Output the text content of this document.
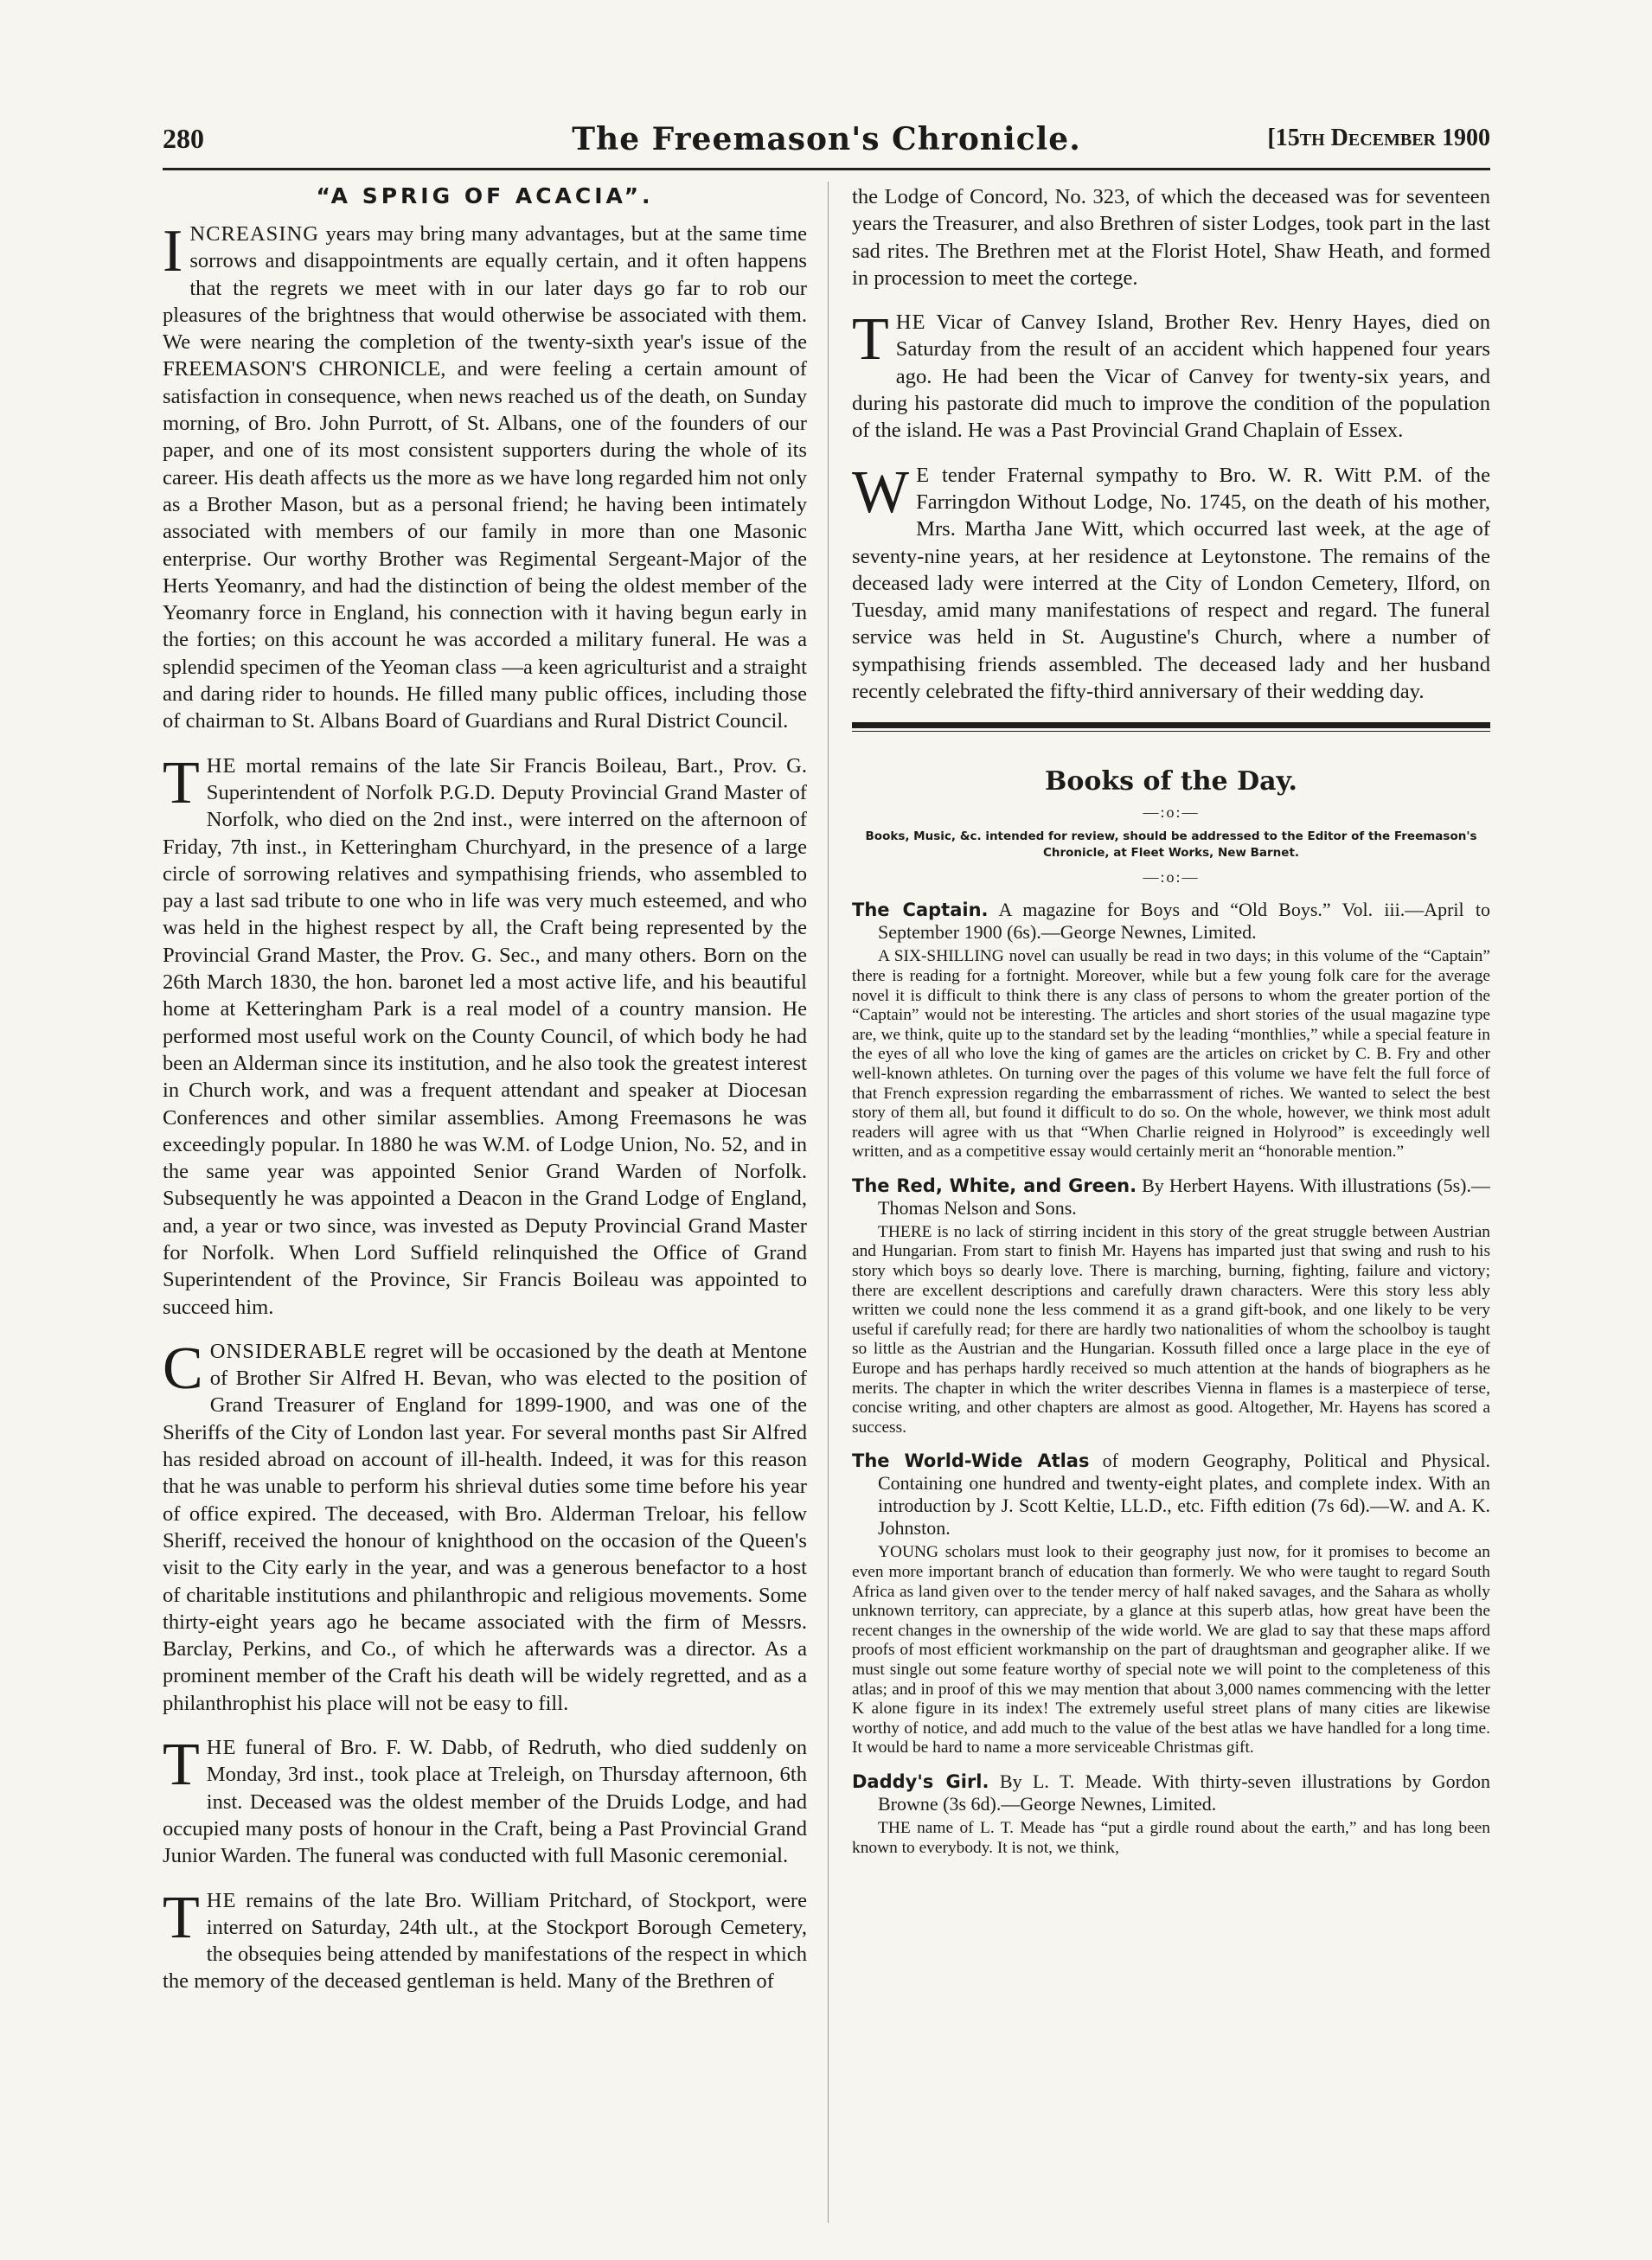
280	The Freemason's Chronicle.	[15th December 1900
“A SPRIG OF ACACIA”.

INCREASING years may bring many advantages, but at the same time sorrows and disappointments are equally certain, and it often happens that the regrets we meet with in our later days go far to rob our pleasures of the brightness that would otherwise be associated with them. We were nearing the completion of the twenty-sixth year's issue of the FREEMASON'S CHRONICLE, and were feeling a certain amount of satisfaction in consequence, when news reached us of the death, on Sunday morning, of Bro. John Purrott, of St. Albans, one of the founders of our paper, and one of its most consistent supporters during the whole of its career. His death affects us the more as we have long regarded him not only as a Brother Mason, but as a personal friend; he having been intimately associated with members of our family in more than one Masonic enterprise. Our worthy Brother was Regimental Sergeant-Major of the Herts Yeomanry, and had the distinction of being the oldest member of the Yeomanry force in England, his connection with it having begun early in the forties; on this account he was accorded a military funeral. He was a splendid specimen of the Yeoman class —a keen agriculturist and a straight and daring rider to hounds. He filled many public offices, including those of chairman to St. Albans Board of Guardians and Rural District Council.

THE mortal remains of the late Sir Francis Boileau, Bart., Prov. G. Superintendent of Norfolk P.G.D. Deputy Provincial Grand Master of Norfolk, who died on the 2nd inst., were interred on the afternoon of Friday, 7th inst., in Ketteringham Churchyard, in the presence of a large circle of sorrowing relatives and sympathising friends, who assembled to pay a last sad tribute to one who in life was very much esteemed, and who was held in the highest respect by all, the Craft being represented by the Provincial Grand Master, the Prov. G. Sec., and many others. Born on the 26th March 1830, the hon. baronet led a most active life, and his beautiful home at Ketteringham Park is a real model of a country mansion. He performed most useful work on the County Council, of which body he had been an Alderman since its institution, and he also took the greatest interest in Church work, and was a frequent attendant and speaker at Diocesan Conferences and other similar assemblies. Among Freemasons he was exceedingly popular. In 1880 he was W.M. of Lodge Union, No. 52, and in the same year was appointed Senior Grand Warden of Norfolk. Subsequently he was appointed a Deacon in the Grand Lodge of England, and, a year or two since, was invested as Deputy Provincial Grand Master for Norfolk. When Lord Suffield relinquished the Office of Grand Superintendent of the Province, Sir Francis Boileau was appointed to succeed him.

CONSIDERABLE regret will be occasioned by the death at Mentone of Brother Sir Alfred H. Bevan, who was elected to the position of Grand Treasurer of England for 1899-1900, and was one of the Sheriffs of the City of London last year. For several months past Sir Alfred has resided abroad on account of ill-health. Indeed, it was for this reason that he was unable to perform his shrieval duties some time before his year of office expired. The deceased, with Bro. Alderman Treloar, his fellow Sheriff, received the honour of knighthood on the occasion of the Queen's visit to the City early in the year, and was a generous benefactor to a host of charitable institutions and philanthropic and religious movements. Some thirty-eight years ago he became associated with the firm of Messrs. Barclay, Perkins, and Co., of which he afterwards was a director. As a prominent member of the Craft his death will be widely regretted, and as a philanthrophist his place will not be easy to fill.

THE funeral of Bro. F. W. Dabb, of Redruth, who died suddenly on Monday, 3rd inst., took place at Treleigh, on Thursday afternoon, 6th inst. Deceased was the oldest member of the Druids Lodge, and had occupied many posts of honour in the Craft, being a Past Provincial Grand Junior Warden. The funeral was conducted with full Masonic ceremonial.

THE remains of the late Bro. William Pritchard, of Stockport, were interred on Saturday, 24th ult., at the Stockport Borough Cemetery, the obsequies being attended by manifestations of the respect in which the memory of the deceased gentleman is held. Many of the Brethren of

the Lodge of Concord, No. 323, of which the deceased was for seventeen years the Treasurer, and also Brethren of sister Lodges, took part in the last sad rites. The Brethren met at the Florist Hotel, Shaw Heath, and formed in procession to meet the cortege.

THE Vicar of Canvey Island, Brother Rev. Henry Hayes, died on Saturday from the result of an accident which happened four years ago. He had been the Vicar of Canvey for twenty-six years, and during his pastorate did much to improve the condition of the population of the island. He was a Past Provincial Grand Chaplain of Essex.

W E tender Fraternal sympathy to Bro. W. R. Witt P.M. of the Farringdon Without Lodge, No. 1745, on the death of his mother, Mrs. Martha Jane Witt, which occurred last week, at the age of seventy-nine years, at her residence at Leytonstone. The remains of the deceased lady were interred at the City of London Cemetery, Ilford, on Tuesday, amid many manifestations of respect and regard. The funeral service was held in St. Augustine's Church, where a number of sympathising friends assembled. The deceased lady and her husband recently celebrated the fifty-third anniversary of their wedding day.

Books of the Day.
—:o:—
Books, Music, &c. intended for review, should be addressed to the Editor of the Freemason's Chronicle, at Fleet Works, New Barnet.
—:o:—
The Captain. A magazine for Boys and “Old Boys.” Vol. iii.—April to September 1900 (6s).—George Newnes, Limited.

A SIX-SHILLING novel can usually be read in two days; in this volume of the “Captain” there is reading for a fortnight. Moreover, while but a few young folk care for the average novel it is difficult to think there is any class of persons to whom the greater portion of the “Captain” would not be interesting. The articles and short stories of the usual magazine type are, we think, quite up to the standard set by the leading “monthlies,” while a special feature in the eyes of all who love the king of games are the articles on cricket by C. B. Fry and other well-known athletes. On turning over the pages of this volume we have felt the full force of that French expression regarding the embarrassment of riches. We wanted to select the best story of them all, but found it difficult to do so. On the whole, however, we think most adult readers will agree with us that “When Charlie reigned in Holyrood” is exceedingly well written, and as a competitive essay would certainly merit an “honorable mention.”

The Red, White, and Green. By Herbert Hayens. With illustrations (5s).—Thomas Nelson and Sons.

THERE is no lack of stirring incident in this story of the great struggle between Austrian and Hungarian. From start to finish Mr. Hayens has imparted just that swing and rush to his story which boys so dearly love. There is marching, burning, fighting, failure and victory; there are excellent descriptions and carefully drawn characters. Were this story less ably written we could none the less commend it as a grand gift-book, and one likely to be very useful if carefully read; for there are hardly two nationalities of whom the schoolboy is taught so little as the Austrian and the Hungarian. Kossuth filled once a large place in the eye of Europe and has perhaps hardly received so much attention at the hands of biographers as he merits. The chapter in which the writer describes Vienna in flames is a masterpiece of terse, concise writing, and other chapters are almost as good. Altogether, Mr. Hayens has scored a success.

The World-Wide Atlas of modern Geography, Political and Physical. Containing one hundred and twenty-eight plates, and complete index. With an introduction by J. Scott Keltie, LL.D., etc. Fifth edition (7s 6d).—W. and A. K. Johnston.

YOUNG scholars must look to their geography just now, for it promises to become an even more important branch of education than formerly. We who were taught to regard South Africa as land given over to the tender mercy of half naked savages, and the Sahara as wholly unknown territory, can appreciate, by a glance at this superb atlas, how great have been the recent changes in the ownership of the wide world. We are glad to say that these maps afford proofs of most efficient workmanship on the part of draughtsman and geographer alike. If we must single out some feature worthy of special note we will point to the completeness of this atlas; and in proof of this we may mention that about 3,000 names commencing with the letter K alone figure in its index! The extremely useful street plans of many cities are likewise worthy of notice, and add much to the value of the best atlas we have handled for a long time. It would be hard to name a more serviceable Christmas gift.

Daddy's Girl. By L. T. Meade. With thirty-seven illustrations by Gordon Browne (3s 6d).—George Newnes, Limited.

THE name of L. T. Meade has “put a girdle round about the earth,” and has long been known to everybody. It is not, we think,
